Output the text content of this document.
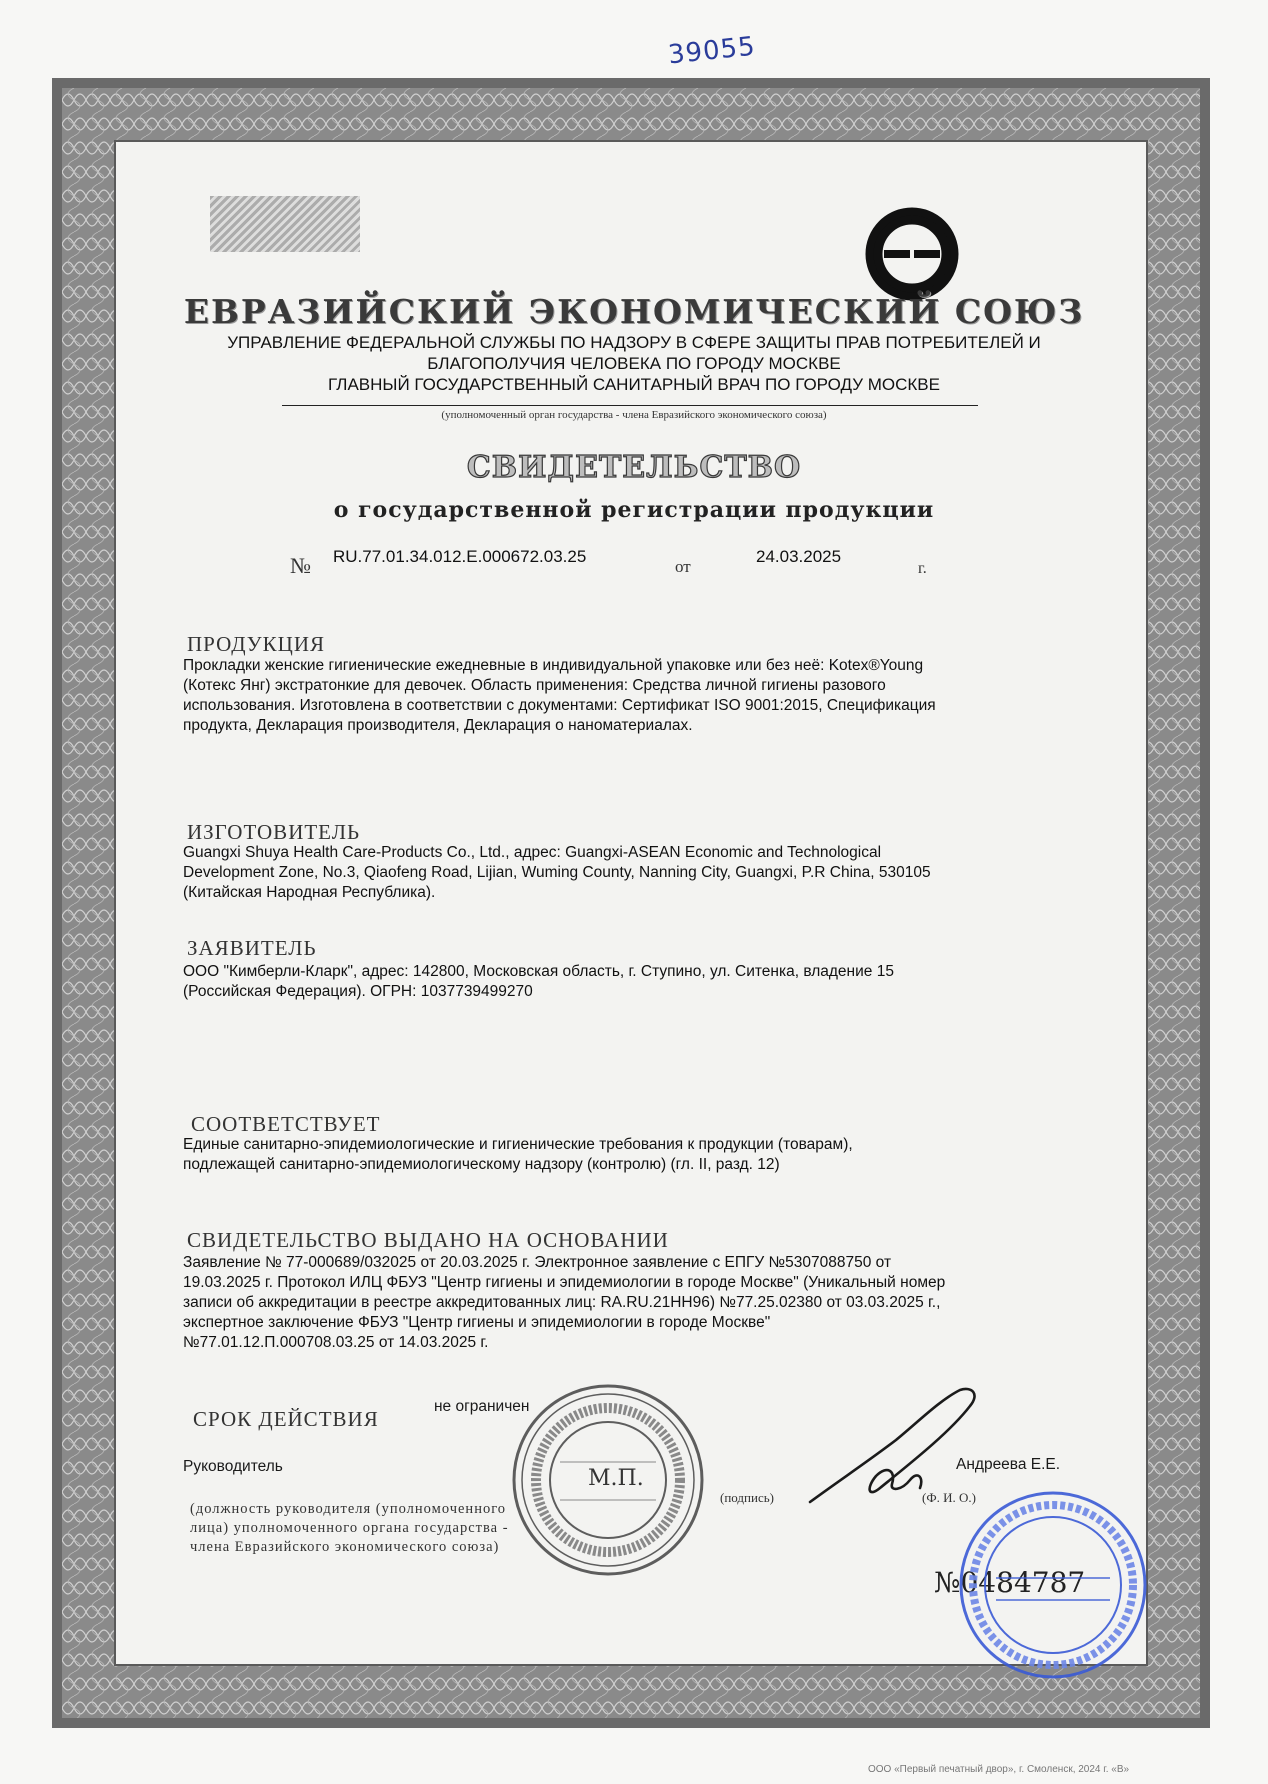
39055
ЕВРАЗИЙСКИЙ ЭКОНОМИЧЕСКИЙ СОЮЗ
УПРАВЛЕНИЕ ФЕДЕРАЛЬНОЙ СЛУЖБЫ ПО НАДЗОРУ В СФЕРЕ ЗАЩИТЫ ПРАВ ПОТРЕБИТЕЛЕЙ И
БЛАГОПОЛУЧИЯ ЧЕЛОВЕКА ПО ГОРОДУ МОСКВЕ
ГЛАВНЫЙ ГОСУДАРСТВЕННЫЙ САНИТАРНЫЙ ВРАЧ ПО ГОРОДУ МОСКВЕ
(уполномоченный орган государства - члена Евразийского экономического союза)
СВИДЕТЕЛЬСТВО
о государственной регистрации продукции
№ RU.77.01.34.012.E.000672.03.25
от
24.03.2025
г.
ПРОДУКЦИЯ
Прокладки женские гигиенические ежедневные в индивидуальной упаковке или без неё: Kotex®Young
(Котекс Янг) экстратонкие для девочек. Область применения: Средства личной гигиены разового
использования. Изготовлена в соответствии с документами: Сертификат ISO 9001:2015, Спецификация
продукта, Декларация производителя, Декларация о наноматериалах.
ИЗГОТОВИТЕЛЬ
Guangxi Shuya Health Care-Products Co., Ltd., адрес: Guangxi-ASEAN Economic and Technological
Development Zone, No.3, Qiaofeng Road, Lijian, Wuming County, Nanning City, Guangxi, P.R China, 530105
(Китайская Народная Республика).
ЗАЯВИТЕЛЬ
ООО "Кимберли-Кларк", адрес: 142800, Московская область, г. Ступино, ул. Ситенка, владение 15
(Российская Федерация). ОГРН: 1037739499270
СООТВЕТСТВУЕТ
Единые санитарно-эпидемиологические и гигиенические требования к продукции (товарам),
подлежащей санитарно-эпидемиологическому надзору (контролю) (гл. II, разд. 12)
СВИДЕТЕЛЬСТВО ВЫДАНО НА ОСНОВАНИИ
Заявление № 77-000689/032025 от 20.03.2025 г. Электронное заявление с ЕПГУ №5307088750 от
19.03.2025 г. Протокол ИЛЦ ФБУЗ "Центр гигиены и эпидемиологии в городе Москве" (Уникальный номер
записи об аккредитации в реестре аккредитованных лиц: RA.RU.21HH96) №77.25.02380 от 03.03.2025 г.,
экспертное заключение ФБУЗ "Центр гигиены и эпидемиологии в городе Москве"
№77.01.12.П.000708.03.25 от 14.03.2025 г.
СРОК ДЕЙСТВИЯ
не ограничен
Руководитель	Андреева Е.Е.
(подпись)	(Ф. И. О.)
(должность руководителя (уполномоченного
лица) уполномоченного органа государства -
члена Евразийского экономического союза)
№0484787
М.П.
ООО «Первый печатный двор», г. Смоленск, 2024 г. «В»
